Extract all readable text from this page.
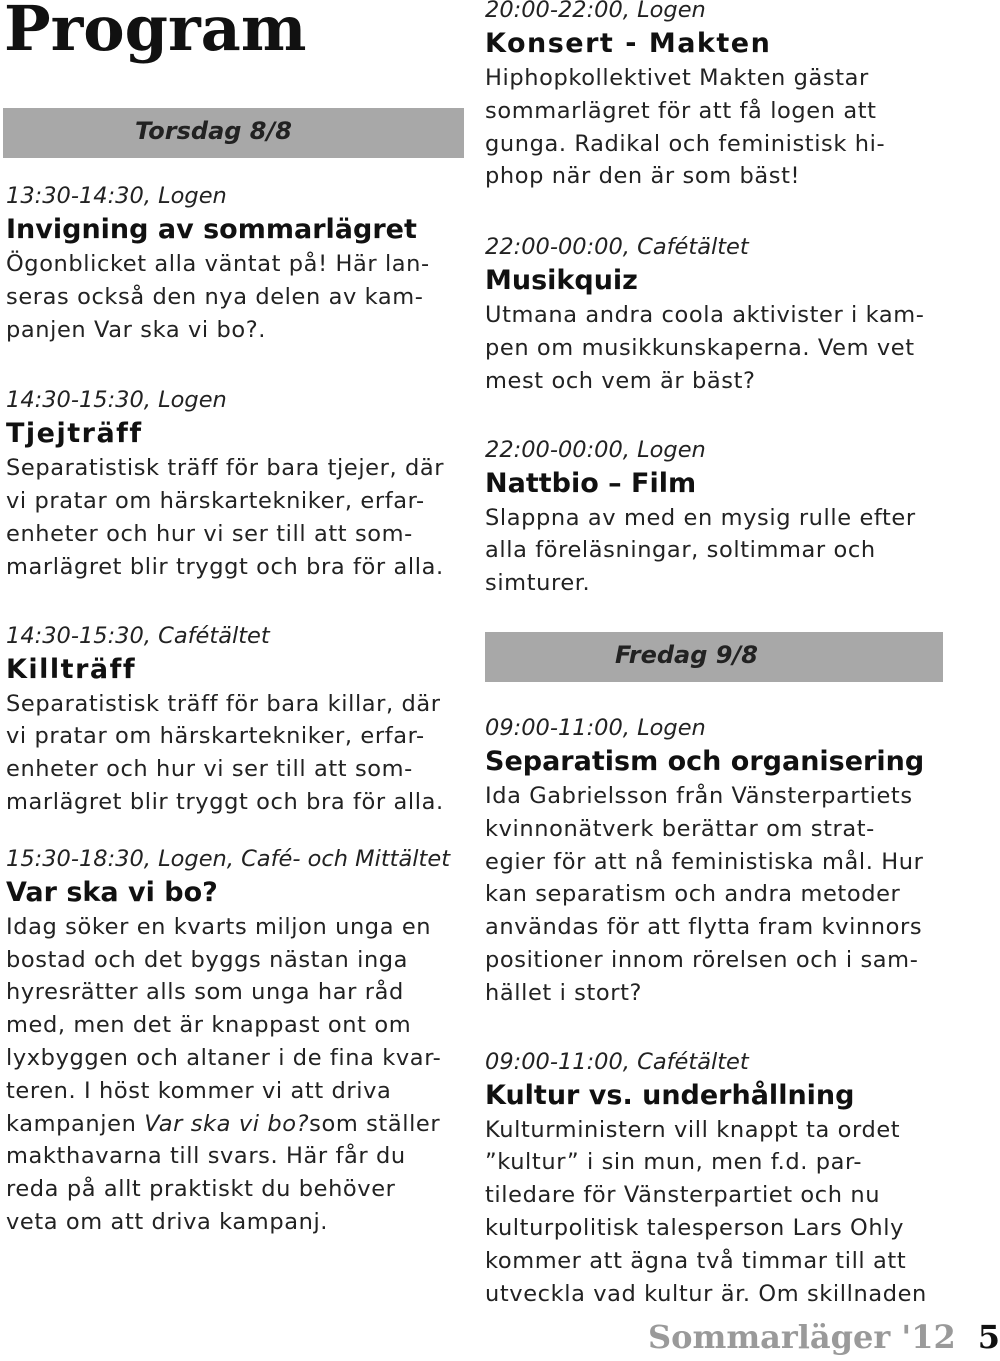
Program
Torsdag 8/8

13:30-14:30, Logen

Invigning av sommarlägret

Ögonblicket alla väntat på! Här lan-
seras också den nya delen av kam-
panjen Var ska vi bo?.

14:30-15:30, Logen

Tjejträff

Separatistisk träff för bara tjejer, där
vi pratar om härskartekniker, erfar-
enheter och hur vi ser till att som-
marlägret blir tryggt och bra för alla.

14:30-15:30, Cafétältet

Killträff

Separatistisk träff för bara killar, där
vi pratar om härskartekniker, erfar-
enheter och hur vi ser till att som-
marlägret blir tryggt och bra för alla.

15:30-18:30, Logen, Café- och Mittältet

Var ska vi bo?

Idag söker en kvarts miljon unga en
bostad och det byggs nästan inga
hyresrätter alls som unga har råd
med, men det är knappast ont om
lyxbyggen och altaner i de fina kvar-
teren. I höst kommer vi att driva
kampanjen Var ska vi bo?som ställer
makthavarna till svars. Här får du
reda på allt praktiskt du behöver
veta om att driva kampanj.

20:00-22:00, Logen

Konsert - Makten

Hiphopkollektivet Makten gästar
sommarlägret för att få logen att
gunga. Radikal och feministisk hi-
phop när den är som bäst!

22:00-00:00, Cafétältet

Musikquiz

Utmana andra coola aktivister i kam-
pen om musikkunskaperna. Vem vet
mest och vem är bäst?

22:00-00:00, Logen

Nattbio – Film

Slappna av med en mysig rulle efter
alla föreläsningar, soltimmar och
simturer.

09:00-11:00, Logen

Separatism och organisering

Ida Gabrielsson från Vänsterpartiets
kvinnonätverk berättar om strat-
egier för att nå feministiska mål. Hur
kan separatism och andra metoder
användas för att flytta fram kvinnors
positioner innom rörelsen och i sam-
hället i stort?

09:00-11:00, Cafétältet

Kultur vs. underhållning

Kulturministern vill knappt ta ordet
”kultur” i sin mun, men f.d. par-
tiledare för Vänsterpartiet och nu
kulturpolitisk talesperson Lars Ohly
kommer att ägna två timmar till att
utveckla vad kultur är. Om skillnaden

Fredag 9/8
Sommarläger '12 5
